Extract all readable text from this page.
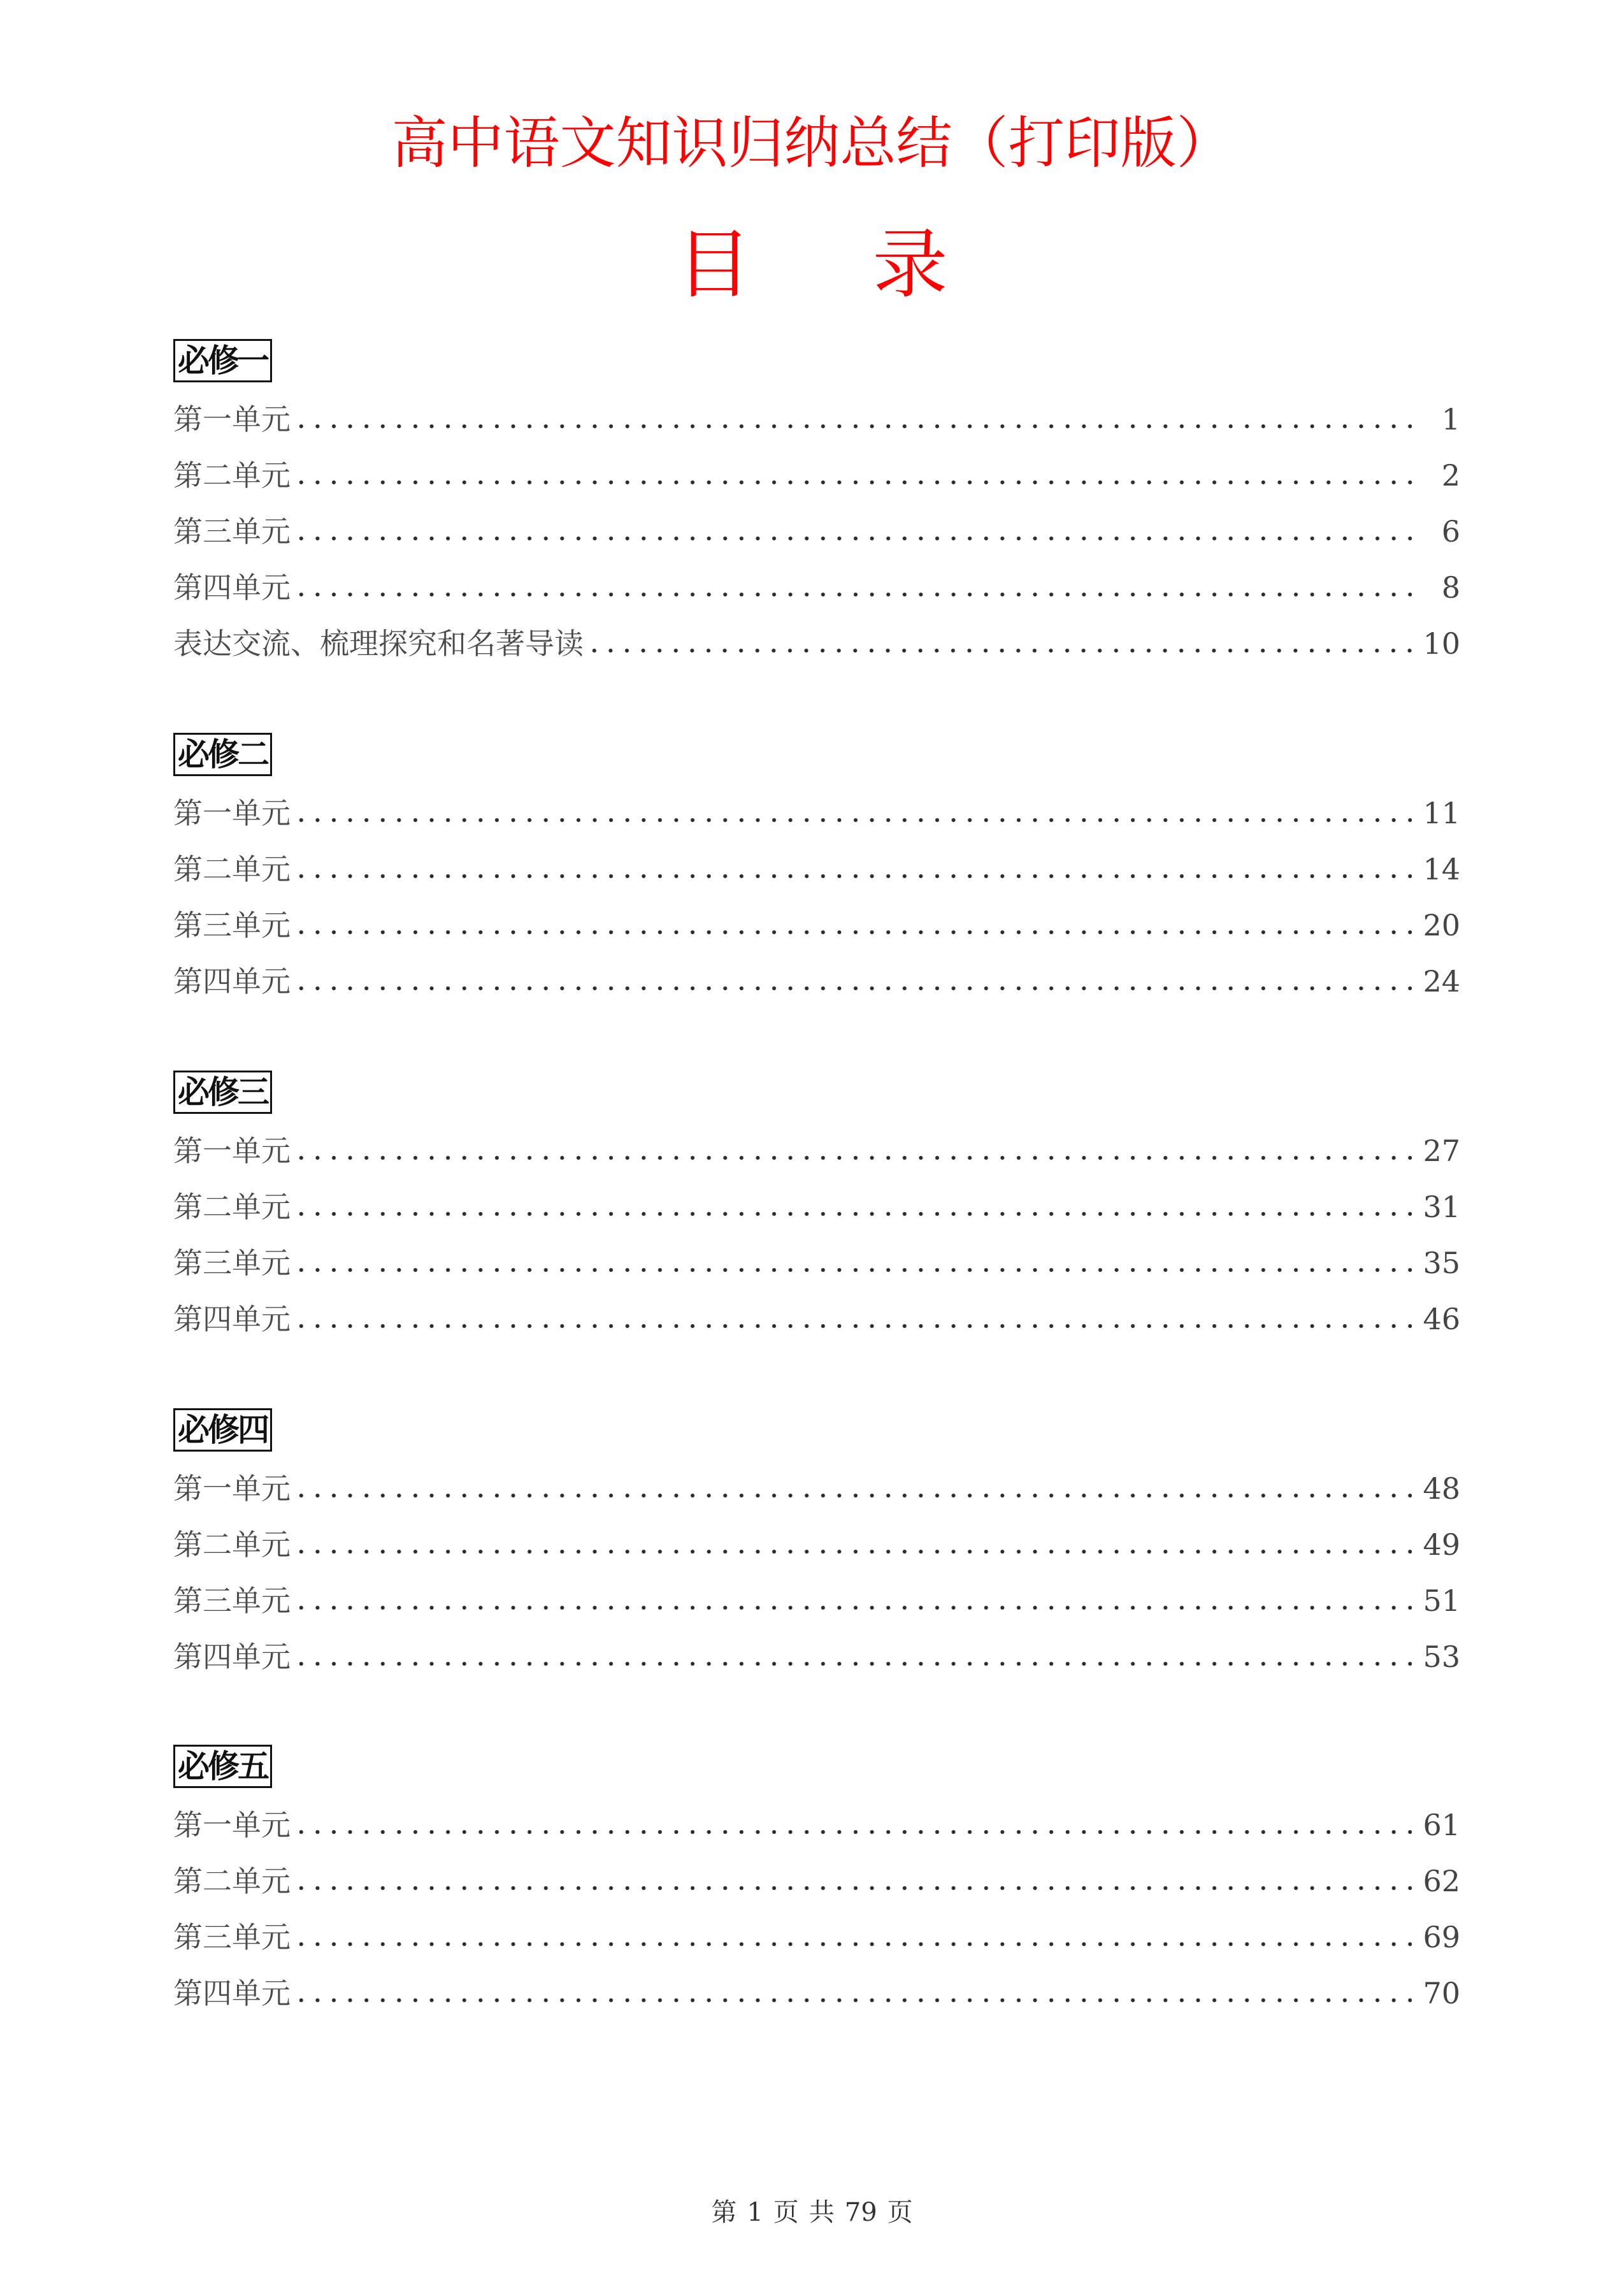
高中语文知识归纳总结（打印版）
目 录
必修一
第一单元	1
第二单元	2
第三单元	6
第四单元	8
表达交流、梳理探究和名著导读	10
必修二
第一单元	11
第二单元	14
第三单元	20
第四单元	24
必修三
第一单元	27
第二单元	31
第三单元	35
第四单元	46
必修四
第一单元	48
第二单元	49
第三单元	51
第四单元	53
必修五
第一单元	61
第二单元	62
第三单元	69
第四单元	70
第 1 页 共 79 页
